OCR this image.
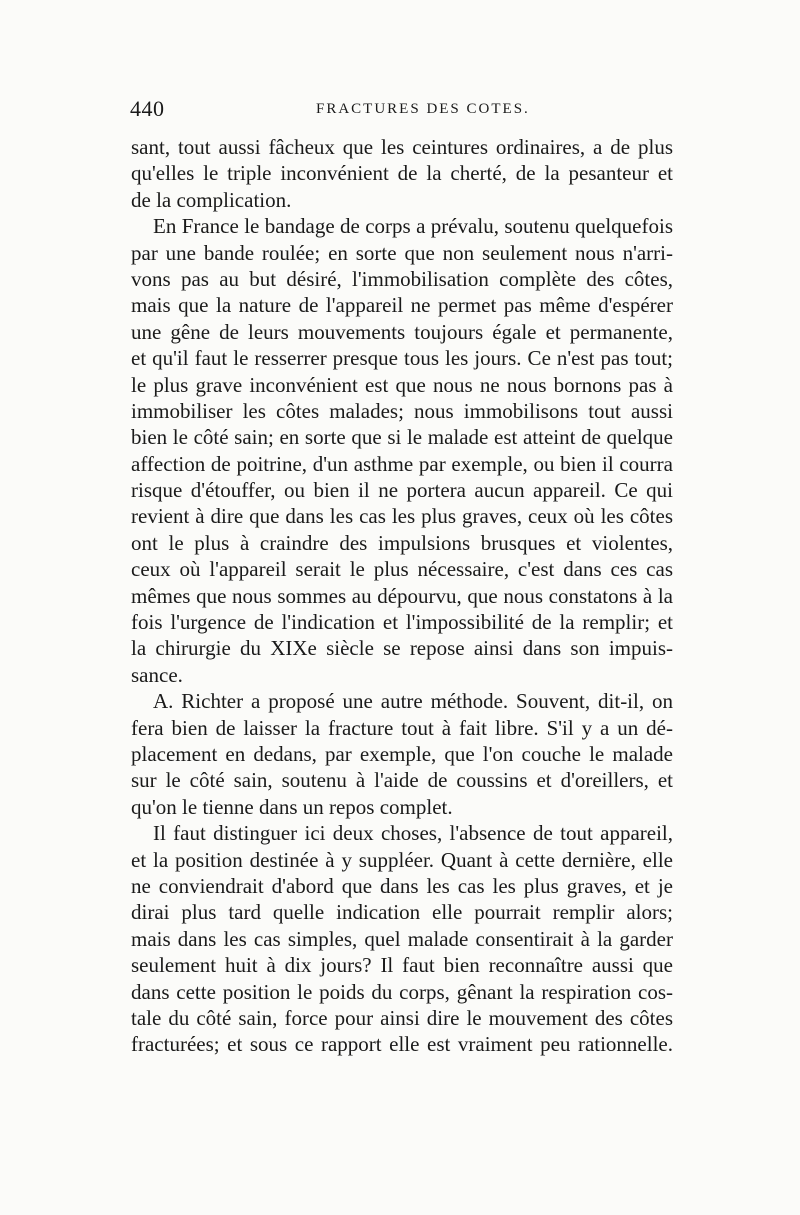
440	FRACTURES DES COTES.
sant, tout aussi fâcheux que les ceintures ordinaires, a de plus
qu'elles le triple inconvénient de la cherté, de la pesanteur et
de la complication.
En France le bandage de corps a prévalu, soutenu quelquefois
par une bande roulée; en sorte que non seulement nous n'arri-
vons pas au but désiré, l'immobilisation complète des côtes,
mais que la nature de l'appareil ne permet pas même d'espérer
une gêne de leurs mouvements toujours égale et permanente,
et qu'il faut le resserrer presque tous les jours. Ce n'est pas tout;
le plus grave inconvénient est que nous ne nous bornons pas à
immobiliser les côtes malades; nous immobilisons tout aussi
bien le côté sain; en sorte que si le malade est atteint de quelque
affection de poitrine, d'un asthme par exemple, ou bien il courra
risque d'étouffer, ou bien il ne portera aucun appareil. Ce qui
revient à dire que dans les cas les plus graves, ceux où les côtes
ont le plus à craindre des impulsions brusques et violentes,
ceux où l'appareil serait le plus nécessaire, c'est dans ces cas
mêmes que nous sommes au dépourvu, que nous constatons à la
fois l'urgence de l'indication et l'impossibilité de la remplir; et
la chirurgie du XIXe siècle se repose ainsi dans son impuis-
sance.
A. Richter a proposé une autre méthode. Souvent, dit-il, on
fera bien de laisser la fracture tout à fait libre. S'il y a un dé-
placement en dedans, par exemple, que l'on couche le malade
sur le côté sain, soutenu à l'aide de coussins et d'oreillers, et
qu'on le tienne dans un repos complet.
Il faut distinguer ici deux choses, l'absence de tout appareil,
et la position destinée à y suppléer. Quant à cette dernière, elle
ne conviendrait d'abord que dans les cas les plus graves, et je
dirai plus tard quelle indication elle pourrait remplir alors;
mais dans les cas simples, quel malade consentirait à la garder
seulement huit à dix jours? Il faut bien reconnaître aussi que
dans cette position le poids du corps, gênant la respiration cos-
tale du côté sain, force pour ainsi dire le mouvement des côtes
fracturées; et sous ce rapport elle est vraiment peu rationnelle.
